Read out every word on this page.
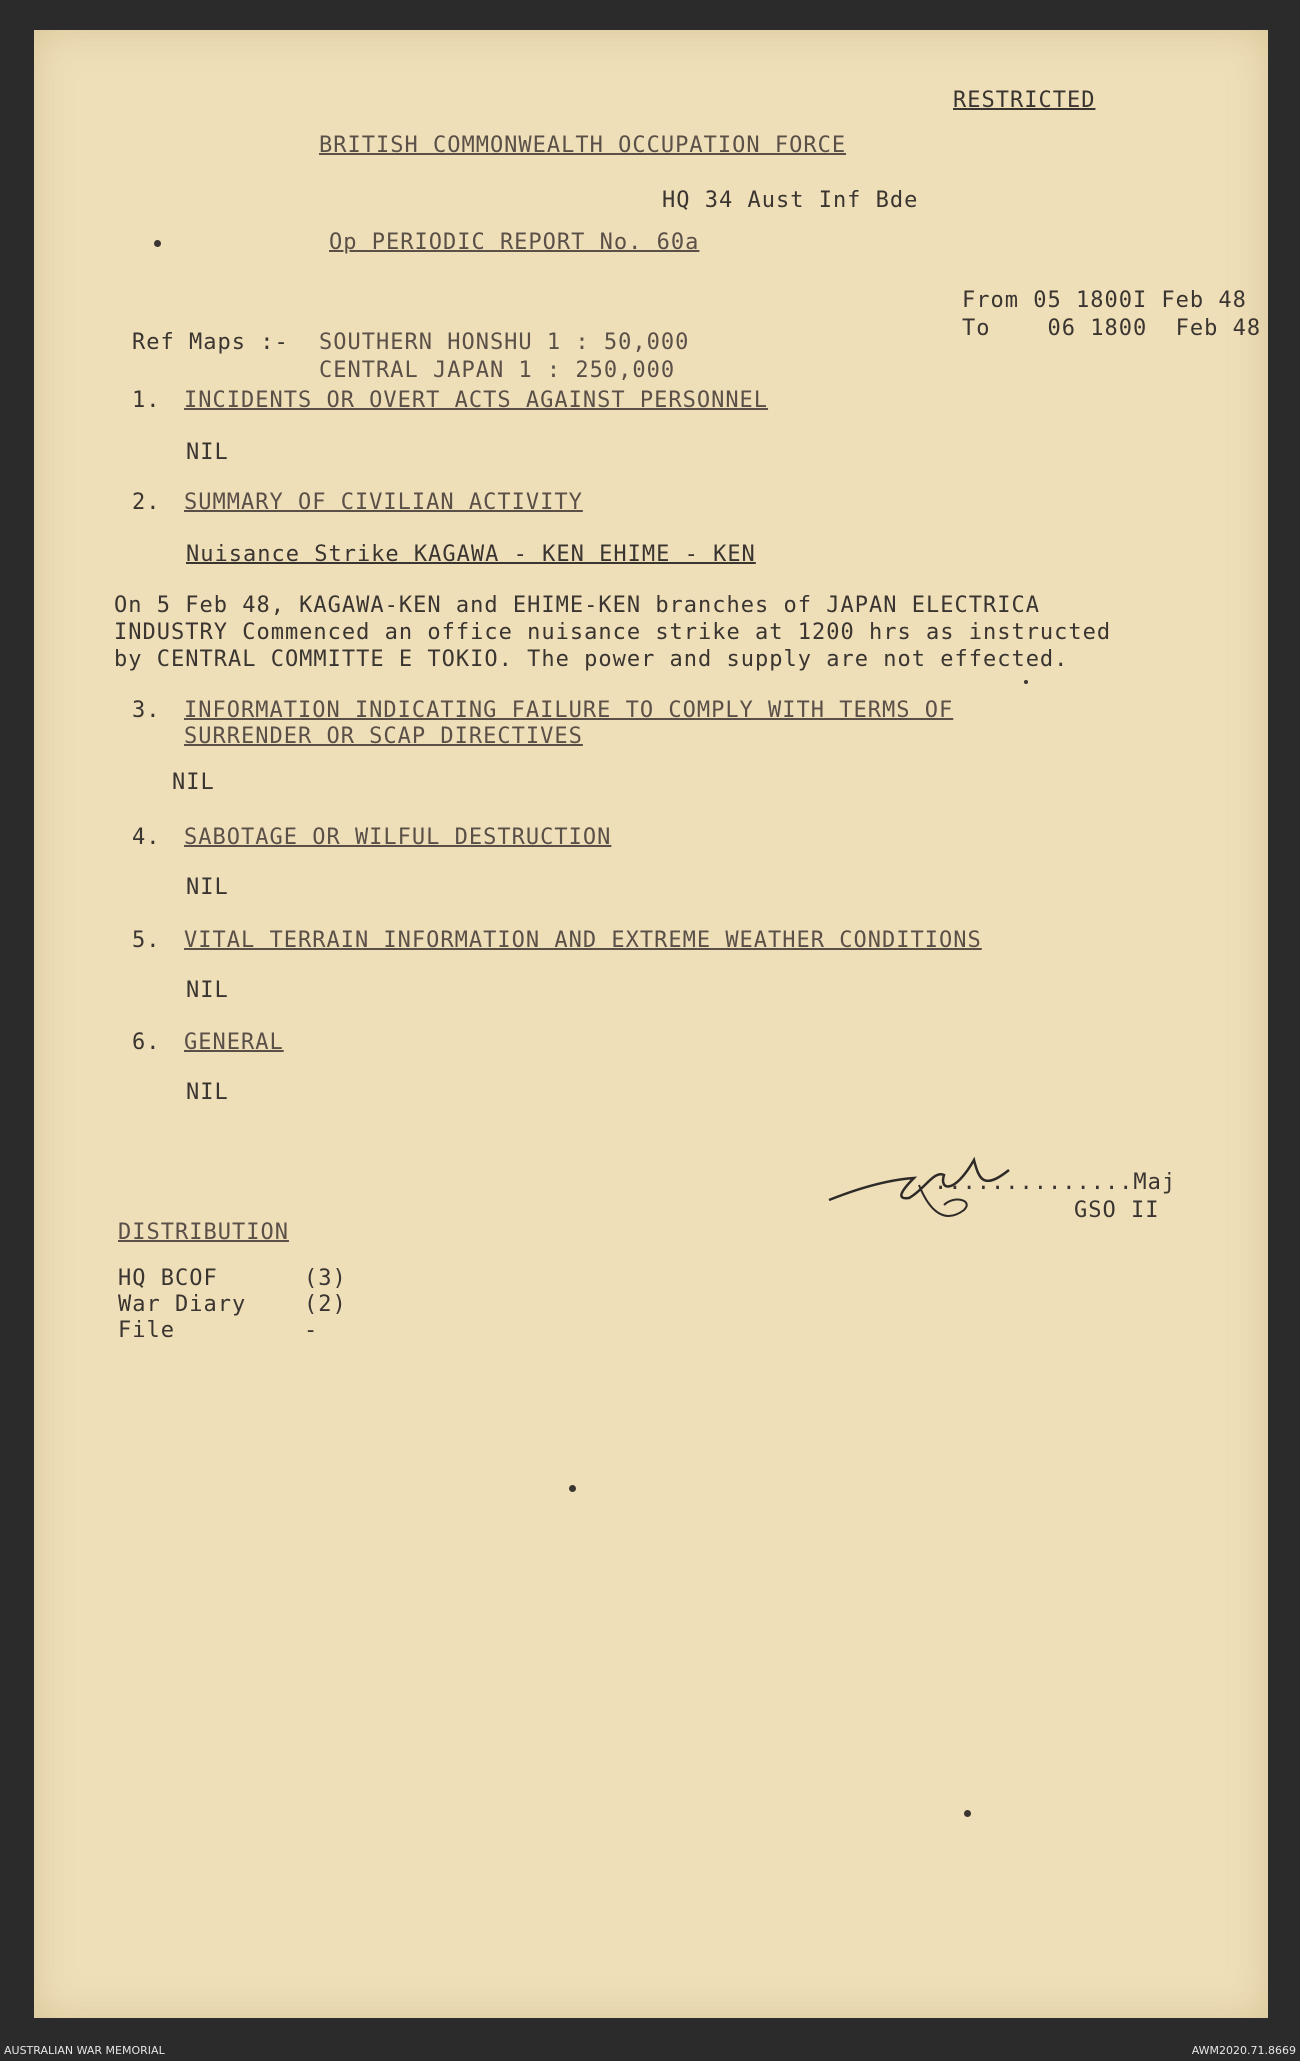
RESTRICTED
BRITISH COMMONWEALTH OCCUPATION FORCE
HQ 34 Aust Inf Bde
Op PERIODIC REPORT No. 60a
From 05 1800I Feb 48
To    06 1800  Feb 48
Ref Maps :- SOUTHERN HONSHU 1 : 50,000
CENTRAL JAPAN 1 : 250,000
1. INCIDENTS OR OVERT ACTS AGAINST PERSONNEL
NIL
2. SUMMARY OF CIVILIAN ACTIVITY
Nuisance Strike KAGAWA - KEN EHIME - KEN
On 5 Feb 48, KAGAWA-KEN and EHIME-KEN branches of JAPAN ELECTRICA
INDUSTRY Commenced an office nuisance strike at 1200 hrs as instructed
by CENTRAL COMMITTE E TOKIO. The power and supply are not effected.
3. INFORMATION INDICATING FAILURE TO COMPLY WITH TERMS OF
SURRENDER OR SCAP DIRECTIVES
NIL
4. SABOTAGE OR WILFUL DESTRUCTION
NIL
5. VITAL TERRAIN INFORMATION AND EXTREME WEATHER CONDITIONS
NIL
6. GENERAL
NIL
..............Maj
GSO II
DISTRIBUTION
HQ BCOF	(3)
War Diary	(2)
File	-
AUSTRALIAN WAR MEMORIAL	AWM2020.71.8669
